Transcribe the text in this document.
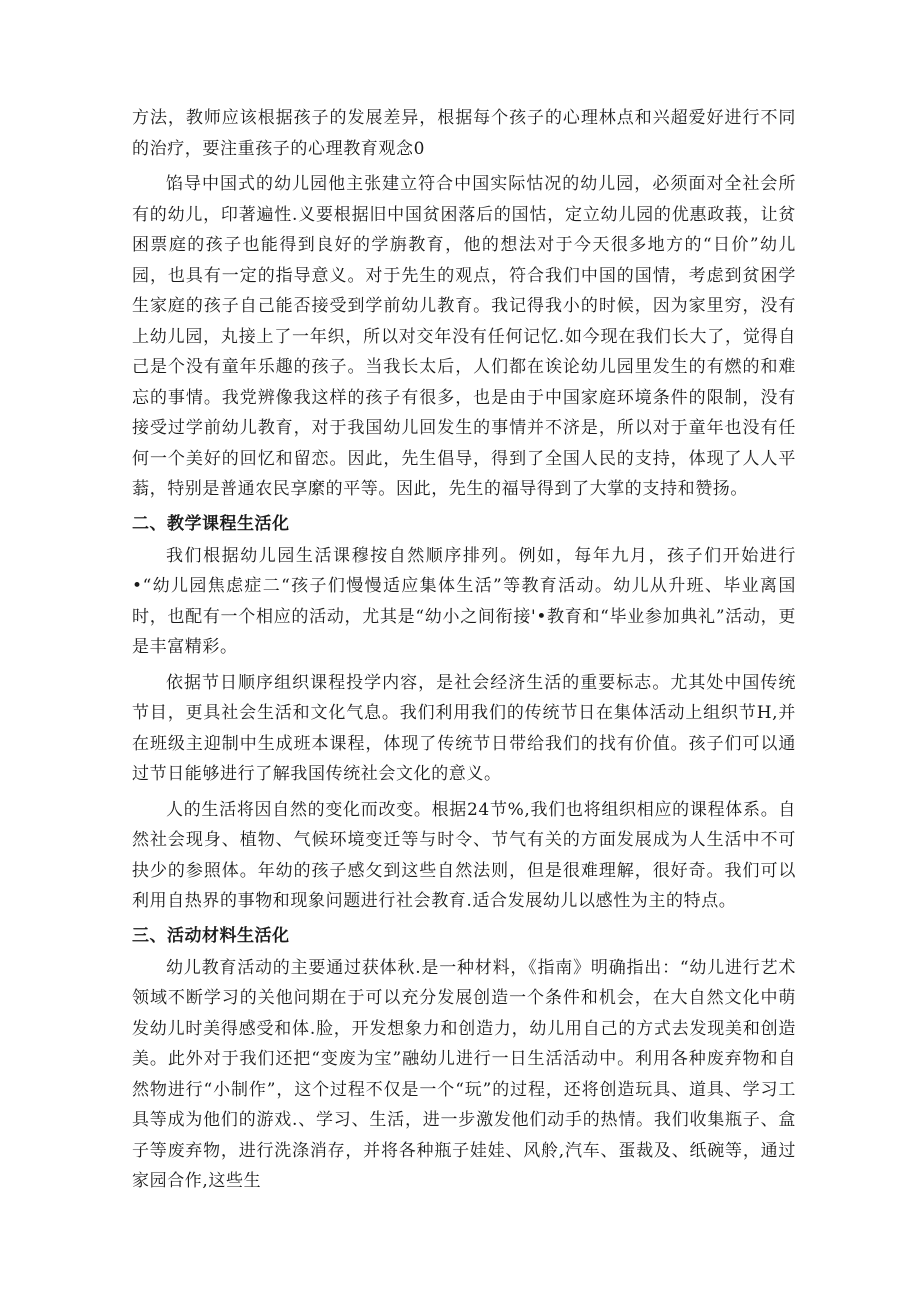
方法，教师应该根据孩子的发展差异，根据每个孩子的心理林点和兴超爱好进行不同的治疗，要注重孩子的心理教育观念0

馅导中国式的幼儿园他主张建立符合中国实际怙况的幼儿园，必须面对全社会所有的幼儿，印著遍性.义要根据旧中国贫困落后的国怙，定立幼儿园的优惠政莪，让贫困票庭的孩子也能得到良好的学旃教育，他的想法对于今天很多地方的“日价”幼儿园，也具有一定的指导意义。对于先生的观点，符合我们中国的国情，考虑到贫困学生家庭的孩子自己能否接受到学前幼儿教育。我记得我小的时候，因为家里穷，没有上幼儿园，丸接上了一年织，所以对交年没有任何记忆.如今现在我们长大了，觉得自己是个没有童年乐趣的孩子。当我长太后，人们都在诶论幼儿园里发生的有燃的和难忘的事情。我党辨像我这样的孩子有很多，也是由于中国家庭环境条件的限制，没有接受过学前幼儿教育，对于我国幼儿回发生的事情并不济是，所以对于童年也没有任何一个美好的回忆和留恋。因此，先生倡导，得到了全国人民的支持，体现了人人平蓊，特别是普通农民享縻的平等。因此，先生的福导得到了大掌的支持和赞扬。

二、教学课程生活化

我们根据幼儿园生活课穆按自然顺序排列。例如，每年九月，孩子们开始进行•“幼儿园焦虑症二“孩子们慢慢适应集体生活”等教育活动。幼儿从升班、毕业离国时，也配有一个相应的活动，尤其是“幼小之间衔接'•教育和“毕业参加典礼”活动，更是丰富精彩。

依据节日顺序组织课程投学内容，是社会经济生活的重要标志。尤其处中国传统节目，更具社会生活和文化气息。我们利用我们的传统节日在集体活动上组织节H,并在班级主迎制中生成班本课程，体现了传统节日带给我们的找有价值。孩子们可以通过节日能够进行了解我国传统社会文化的意义。

人的生活将因自然的变化而改变。根据24节%,我们也将组织相应的课程体系。自然社会现身、植物、气候环境变迁等与时令、节气有关的方面发展成为人生活中不可抉少的参照体。年幼的孩子感攵到这些自然法则，但是很难理解，很好奇。我们可以利用自热界的事物和现象问题进行社会教育.适合发展幼儿以感性为主的特点。

三、活动材料生活化

幼儿教育活动的主要通过获体秋.是一种材料，《指南》明确指出：“幼儿进行艺术领域不断学习的关他问期在于可以充分发展创造一个条件和机会，在大自然文化中萌发幼儿时美得感受和体.脸，开发想象力和创造力，幼儿用自己的方式去发现美和创造美。此外对于我们还把“变废为宝”融幼儿进行一日生活活动中。利用各种废弃物和自然物进行“小制作”，这个过程不仅是一个“玩”的过程，还将创造玩具、道具、学习工具等成为他们的游戏.、学习、生活，进一步激发他们动手的热情。我们收集瓶子、盒子等废弃物，进行洗涤消存，并将各种瓶子娃娃、风舲,汽车、蛋裁及、纸碗等，通过家园合作,这些生
